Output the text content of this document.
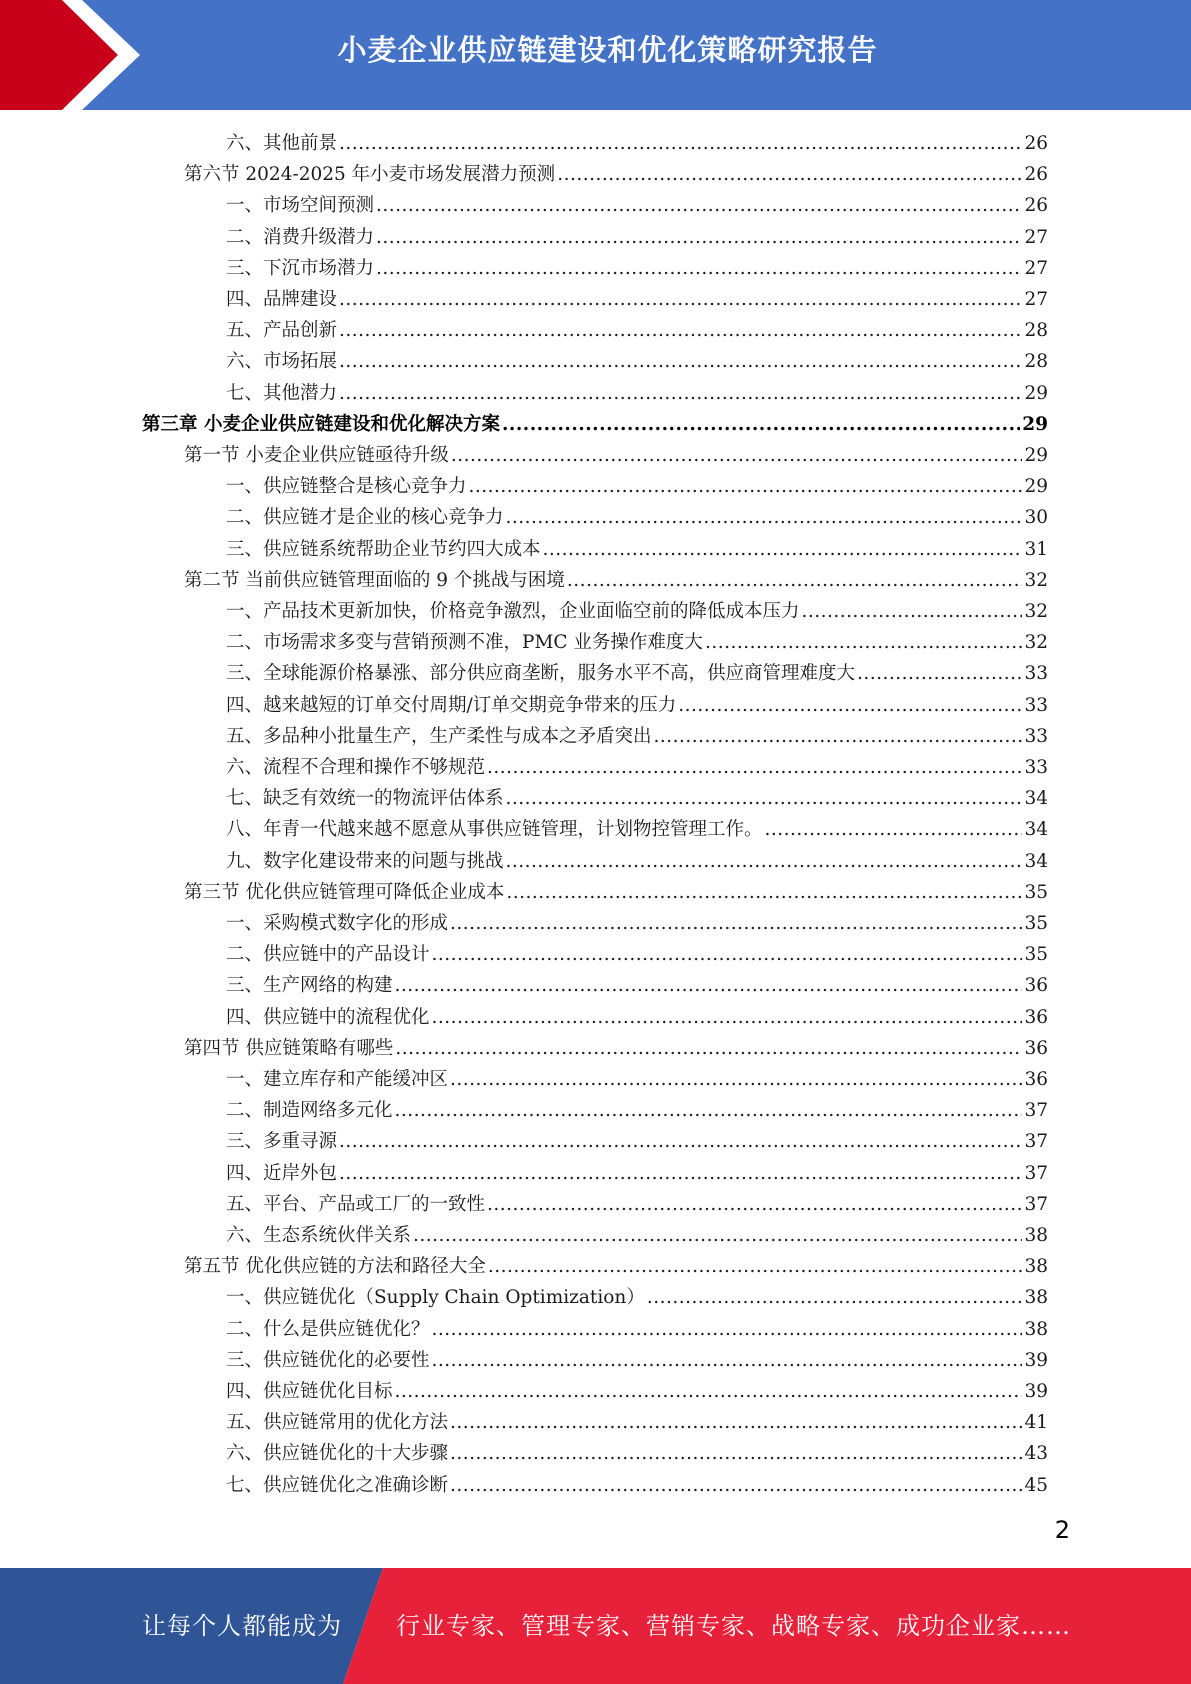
小麦企业供应链建设和优化策略研究报告
六、其他前景 .....	26
第六节 2024-2025 年小麦市场发展潜力预测 .....	26
一、市场空间预测 .....	26
二、消费升级潜力 .....	27
三、下沉市场潜力 .....	27
四、品牌建设 .....	27
五、产品创新 .....	28
六、市场拓展 .....	28
七、其他潜力 .....	29
第三章 小麦企业供应链建设和优化解决方案 .....	29
第一节 小麦企业供应链亟待升级 .....	29
一、供应链整合是核心竞争力 .....	29
二、供应链才是企业的核心竞争力 .....	30
三、供应链系统帮助企业节约四大成本 .....	31
第二节 当前供应链管理面临的 9 个挑战与困境 .....	32
一、产品技术更新加快，价格竞争激烈，企业面临空前的降低成本压力 .....	32
二、市场需求多变与营销预测不准，PMC 业务操作难度大 .....	32
三、全球能源价格暴涨、部分供应商垄断，服务水平不高，供应商管理难度大 .....	33
四、越来越短的订单交付周期/订单交期竞争带来的压力 .....	33
五、多品种小批量生产，生产柔性与成本之矛盾突出 .....	33
六、流程不合理和操作不够规范 .....	33
七、缺乏有效统一的物流评估体系 .....	34
八、年青一代越来越不愿意从事供应链管理，计划物控管理工作。 .....	34
九、数字化建设带来的问题与挑战 .....	34
第三节 优化供应链管理可降低企业成本 .....	35
一、采购模式数字化的形成 .....	35
二、供应链中的产品设计 .....	35
三、生产网络的构建 .....	36
四、供应链中的流程优化 .....	36
第四节 供应链策略有哪些 .....	36
一、建立库存和产能缓冲区 .....	36
二、制造网络多元化 .....	37
三、多重寻源 .....	37
四、近岸外包 .....	37
五、平台、产品或工厂的一致性 .....	37
六、生态系统伙伴关系 .....	38
第五节 优化供应链的方法和路径大全 .....	38
一、供应链优化（Supply Chain Optimization） .....	38
二、什么是供应链优化？ .....	38
三、供应链优化的必要性 .....	39
四、供应链优化目标 .....	39
五、供应链常用的优化方法 .....	41
六、供应链优化的十大步骤 .....	43
七、供应链优化之准确诊断 .....	45
2
让每个人都能成为 行业专家、管理专家、营销专家、战略专家、成功企业家……
